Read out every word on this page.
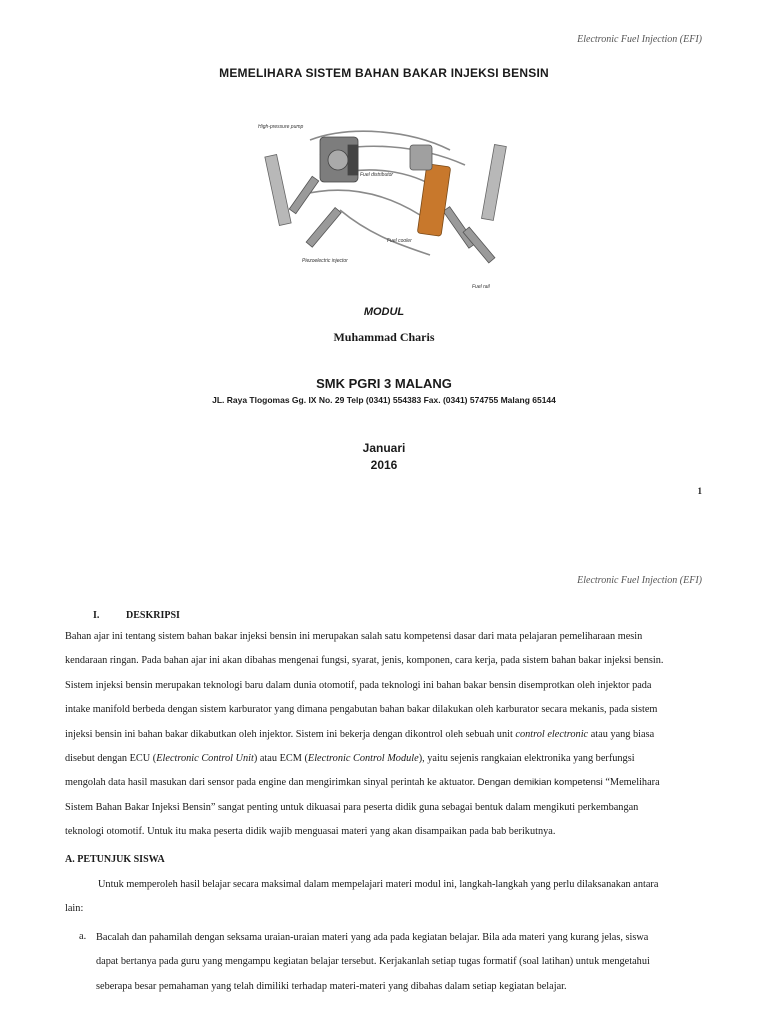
Electronic Fuel Injection (EFI)
MEMELIHARA SISTEM BAHAN BAKAR INJEKSI BENSIN
High-pressure pump
Fuel distributor
Fuel cooler
Piezoelectric injector
Fuel rail
MODUL
Muhammad Charis
SMK PGRI 3 MALANG
JL. Raya Tlogomas Gg. IX No. 29 Telp (0341) 554383 Fax. (0341) 574755 Malang 65144
Januari
2016
1
Electronic Fuel Injection (EFI)
I.	DESKRIPSI
Bahan ajar ini tentang sistem bahan bakar injeksi bensin ini merupakan salah satu kompetensi dasar dari mata pelajaran pemeliharaan mesin
kendaraan ringan. Pada bahan ajar ini akan dibahas mengenai fungsi, syarat, jenis, komponen, cara kerja, pada sistem bahan bakar injeksi bensin.
Sistem injeksi bensin merupakan teknologi baru dalam dunia otomotif, pada teknologi ini bahan bakar bensin disemprotkan oleh injektor pada
intake manifold berbeda dengan sistem karburator yang dimana pengabutan bahan bakar dilakukan oleh karburator secara mekanis, pada sistem
injeksi bensin ini bahan bakar dikabutkan oleh injektor. Sistem ini bekerja dengan dikontrol oleh sebuah unit control electronic atau yang biasa
disebut dengan ECU (Electronic Control Unit) atau ECM (Electronic Control Module), yaitu sejenis rangkaian elektronika yang berfungsi
mengolah data hasil masukan dari sensor pada engine dan mengirimkan sinyal perintah ke aktuator. Dengan demikian kompetensi “Memelihara
Sistem Bahan Bakar Injeksi Bensin” sangat penting untuk dikuasai para peserta didik guna sebagai bentuk dalam mengikuti perkembangan
teknologi otomotif. Untuk itu maka peserta didik wajib menguasai materi yang akan disampaikan pada bab berikutnya.
A. PETUNJUK SISWA
Untuk memperoleh hasil belajar secara maksimal dalam mempelajari materi modul ini, langkah-langkah yang perlu dilaksanakan antara
lain:
a. Bacalah dan pahamilah dengan seksama uraian-uraian materi yang ada pada kegiatan belajar. Bila ada materi yang kurang jelas, siswa
dapat bertanya pada guru yang mengampu kegiatan belajar tersebut. Kerjakanlah setiap tugas formatif (soal latihan) untuk mengetahui
seberapa besar pemahaman yang telah dimiliki terhadap materi-materi yang dibahas dalam setiap kegiatan belajar.
